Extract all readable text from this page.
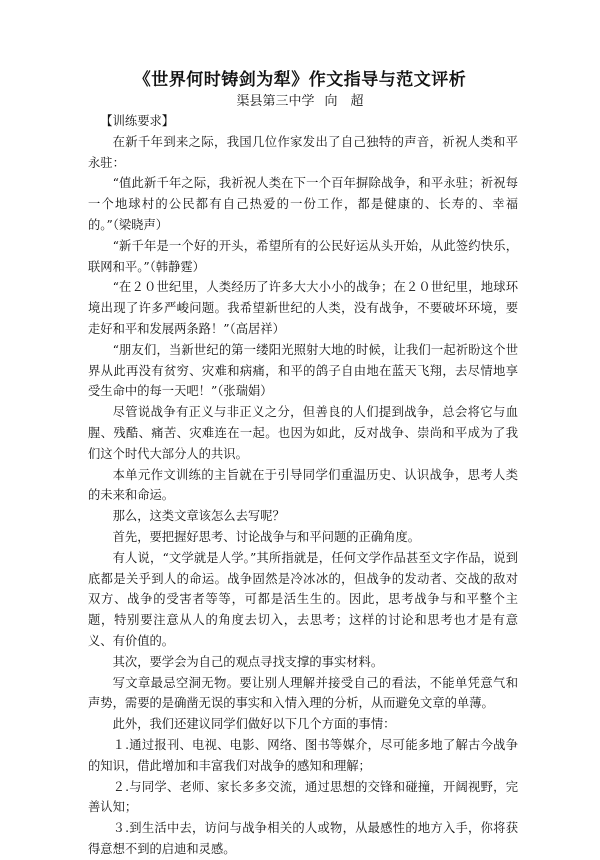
《世界何时铸剑为犁》作文指导与范文评析
渠县第三中学 向　超

【训练要求】

在新千年到来之际，我国几位作家发出了自己独特的声音，祈祝人类和平永驻：

“值此新千年之际，我祈祝人类在下一个百年摒除战争，和平永驻；祈祝每一个地球村的公民都有自己热爱的一份工作，都是健康的、长寿的、幸福的。”（梁晓声）

“新千年是一个好的开头，希望所有的公民好运从头开始，从此签约快乐，联网和平。”（韩静霆）

“在２０世纪里，人类经历了许多大大小小的战争；在２０世纪里，地球环境出现了许多严峻问题。我希望新世纪的人类，没有战争，不要破坏环境，要走好和平和发展两条路！”（高居祥）

“朋友们，当新世纪的第一缕阳光照射大地的时候，让我们一起祈盼这个世界从此再没有贫穷、灾难和病痛，和平的鸽子自由地在蓝天飞翔，去尽情地享受生命中的每一天吧！”（张瑞娟）

尽管说战争有正义与非正义之分，但善良的人们提到战争，总会将它与血腥、残酷、痛苦、灾难连在一起。也因为如此，反对战争、崇尚和平成为了我们这个时代大部分人的共识。

本单元作文训练的主旨就在于引导同学们重温历史、认识战争，思考人类的未来和命运。

那么，这类文章该怎么去写呢？

首先，要把握好思考、讨论战争与和平问题的正确角度。

有人说，“文学就是人学。”其所指就是，任何文学作品甚至文字作品，说到底都是关乎到人的命运。战争固然是冷冰冰的，但战争的发动者、交战的敌对双方、战争的受害者等等，可都是活生生的。因此，思考战争与和平整个主题，特别要注意从人的角度去切入，去思考；这样的讨论和思考也才是有意义、有价值的。

其次，要学会为自己的观点寻找支撑的事实材料。

写文章最忌空洞无物。要让别人理解并接受自己的看法，不能单凭意气和声势，需要的是确凿无误的事实和入情入理的分析，从而避免文章的单薄。

此外，我们还建议同学们做好以下几个方面的事情：

１.通过报刊、电视、电影、网络、图书等媒介，尽可能多地了解古今战争的知识，借此增加和丰富我们对战争的感知和理解；

２.与同学、老师、家长多多交流，通过思想的交锋和碰撞，开阔视野，完善认知；

３.到生活中去，访问与战争相关的人或物，从最感性的地方入手，你将获得意想不到的启迪和灵感。
